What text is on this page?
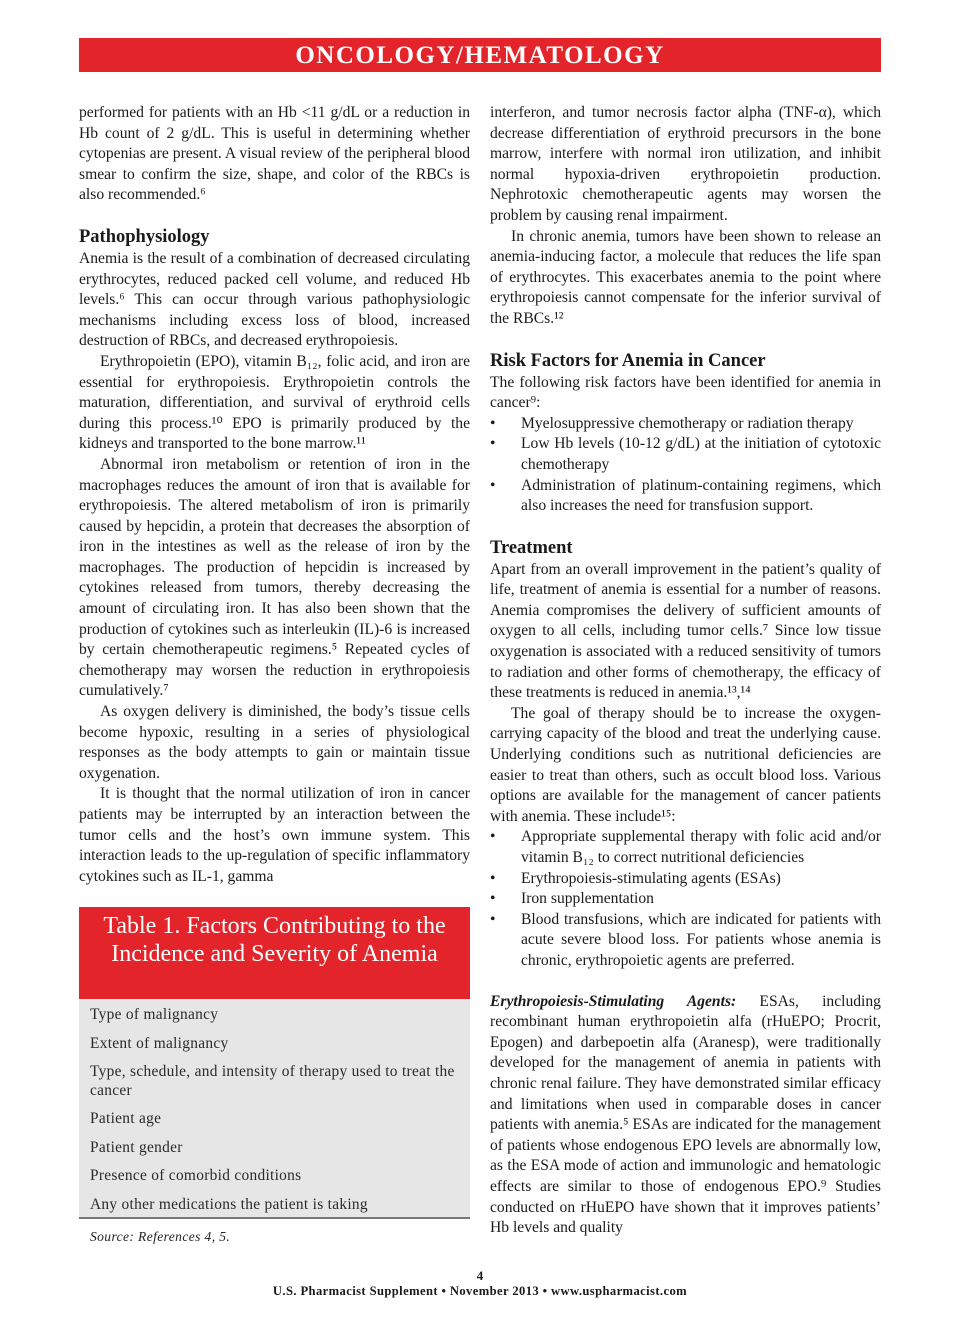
ONCOLOGY/HEMATOLOGY

performed for patients with an Hb <11 g/dL or a reduction in Hb count of 2 g/dL. This is useful in determining whether cytopenias are present. A visual review of the peripheral blood smear to confirm the size, shape, and color of the RBCs is also recommended.⁶

Pathophysiology

Anemia is the result of a combination of decreased circulating erythrocytes, reduced packed cell volume, and reduced Hb levels.⁶ This can occur through various pathophysiologic mechanisms including excess loss of blood, increased destruction of RBCs, and decreased erythropoiesis.

Erythropoietin (EPO), vitamin B₁₂, folic acid, and iron are essential for erythropoiesis. Erythropoietin controls the maturation, differentiation, and survival of erythroid cells during this process.¹⁰ EPO is primarily produced by the kidneys and transported to the bone marrow.¹¹

Abnormal iron metabolism or retention of iron in the macrophages reduces the amount of iron that is available for erythropoiesis. The altered metabolism of iron is primarily caused by hepcidin, a protein that decreases the absorption of iron in the intestines as well as the release of iron by the macrophages. The production of hepcidin is increased by cytokines released from tumors, thereby decreasing the amount of circulating iron. It has also been shown that the production of cytokines such as interleukin (IL)-6 is increased by certain chemotherapeutic regimens.⁵ Repeated cycles of chemotherapy may worsen the reduction in erythropoiesis cumulatively.⁷

As oxygen delivery is diminished, the body’s tissue cells become hypoxic, resulting in a series of physiological responses as the body attempts to gain or maintain tissue oxygenation.

It is thought that the normal utilization of iron in cancer patients may be interrupted by an interaction between the tumor cells and the host’s own immune system. This interaction leads to the up-regulation of specific inflammatory cytokines such as IL-1, gamma

Table 1. Factors Contributing to the Incidence and Severity of Anemia
Type of malignancy
Extent of malignancy
Type, schedule, and intensity of therapy used to treat the cancer
Patient age
Patient gender
Presence of comorbid conditions
Any other medications the patient is taking
Source: References 4, 5.

interferon, and tumor necrosis factor alpha (TNF-α), which decrease differentiation of erythroid precursors in the bone marrow, interfere with normal iron utilization, and inhibit normal hypoxia-driven erythropoietin production. Nephrotoxic chemotherapeutic agents may worsen the problem by causing renal impairment.

In chronic anemia, tumors have been shown to release an anemia-inducing factor, a molecule that reduces the life span of erythrocytes. This exacerbates anemia to the point where erythropoiesis cannot compensate for the inferior survival of the RBCs.¹²

Risk Factors for Anemia in Cancer

The following risk factors have been identified for anemia in cancer⁹:

• Myelosuppressive chemotherapy or radiation therapy
• Low Hb levels (10-12 g/dL) at the initiation of cytotoxic chemotherapy
• Administration of platinum-containing regimens, which also increases the need for transfusion support.
Treatment

Apart from an overall improvement in the patient’s quality of life, treatment of anemia is essential for a number of reasons. Anemia compromises the delivery of sufficient amounts of oxygen to all cells, including tumor cells.⁷ Since low tissue oxygenation is associated with a reduced sensitivity of tumors to radiation and other forms of chemotherapy, the efficacy of these treatments is reduced in anemia.¹³,¹⁴

The goal of therapy should be to increase the oxygen-carrying capacity of the blood and treat the underlying cause. Underlying conditions such as nutritional deficiencies are easier to treat than others, such as occult blood loss. Various options are available for the management of cancer patients with anemia. These include¹⁵:

• Appropriate supplemental therapy with folic acid and/or vitamin B₁₂ to correct nutritional deficiencies
• Erythropoiesis-stimulating agents (ESAs)
• Iron supplementation
• Blood transfusions, which are indicated for patients with acute severe blood loss. For patients whose anemia is chronic, erythropoietic agents are preferred.

Erythropoiesis-Stimulating Agents: ESAs, including recombinant human erythropoietin alfa (rHuEPO; Procrit, Epogen) and darbepoetin alfa (Aranesp), were traditionally developed for the management of anemia in patients with chronic renal failure. They have demonstrated similar efficacy and limitations when used in comparable doses in cancer patients with anemia.⁵ ESAs are indicated for the management of patients whose endogenous EPO levels are abnormally low, as the ESA mode of action and immunologic and hematologic effects are similar to those of endogenous EPO.⁹ Studies conducted on rHuEPO have shown that it improves patients’ Hb levels and quality

4
U.S. Pharmacist Supplement • November 2013 • www.uspharmacist.com
